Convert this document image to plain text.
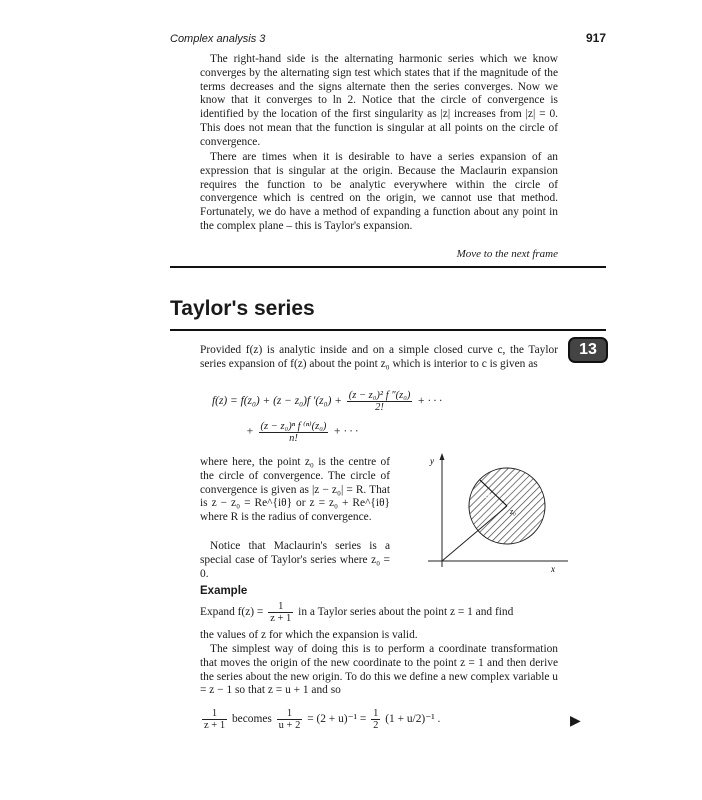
Complex analysis 3	917

The right-hand side is the alternating harmonic series which we know converges by the alternating sign test which states that if the magnitude of the terms decreases and the signs alternate then the series converges. Now we know that it converges to ln 2. Notice that the circle of convergence is identified by the location of the first singularity as |z| increases from |z| = 0. This does not mean that the function is singular at all points on the circle of convergence.

There are times when it is desirable to have a series expansion of an expression that is singular at the origin. Because the Maclaurin expansion requires the function to be analytic everywhere within the circle of convergence which is centred on the origin, we cannot use that method. Fortunately, we do have a method of expanding a function about any point in the complex plane – this is Taylor's expansion.

Move to the next frame
Taylor's series
13

Provided f(z) is analytic inside and on a simple closed curve c, the Taylor series expansion of f(z) about the point z₀ which is interior to c is given as

f(z) = f(z₀) + (z − z₀)f $'(z_0) + \frac{\text{(z − z₀)² f ″(z₀)}}{2!}$ + · · ·
+ $\frac{\text{(z − z₀)ⁿ f ⁽ⁿ⁾(z₀)}}{n!}$ + · · ·

where here, the point z₀ is the centre of the circle of convergence. The circle of convergence is given as |z − z₀| = R. That is z − z₀ = Re^{iθ} or z = z₀ + Re^{iθ} where R is the radius of convergence.

Notice that Maclaurin's series is a special case of Taylor's series where z₀ = 0.

y
x
R
z₀
Example
Expand $f(z) = \frac{1}{z + 1}$ in a Taylor series about the point z = 1 and find

the values of z for which the expansion is valid.

The simplest way of doing this is to perform a coordinate transformation that moves the origin of the new coordinate to the point z = 1 and then derive the series about the new origin. To do this we define a new complex variable u = z − 1 so that z = u + 1 and so

$\frac{1}{z + 1}$ becomes $\frac{1}{u + 2} = (2 + u)^{-1} = \frac{1}{2} (1 + u/2)^{-1}$ .	▶
